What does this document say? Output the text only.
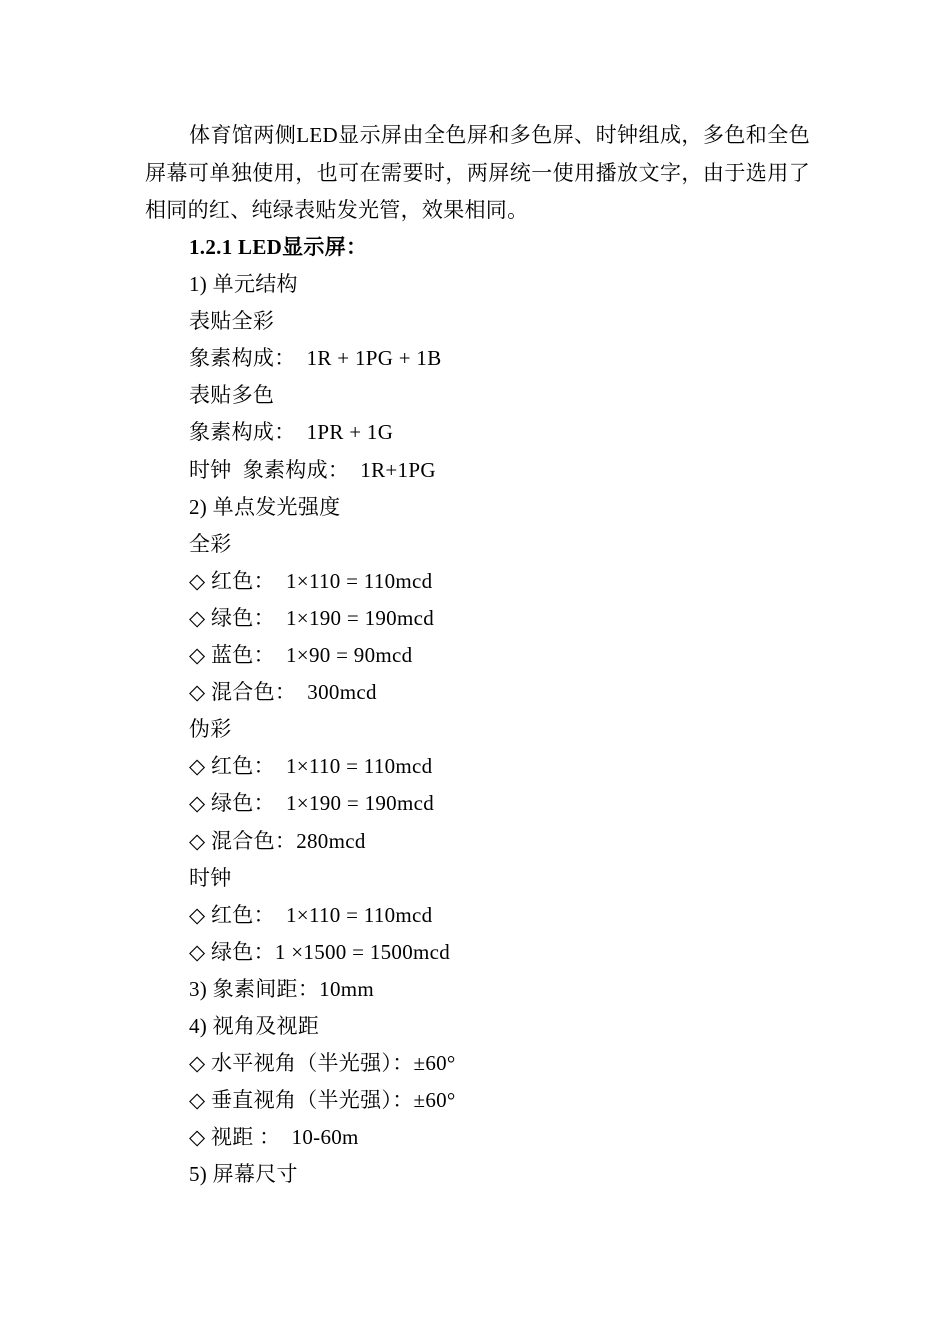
体育馆两侧LED显示屏由全色屏和多色屏、时钟组成，多色和全色屏幕可单独使用，也可在需要时，两屏统一使用播放文字，由于选用了相同的红、纯绿表贴发光管，效果相同。
1.2.1 LED显示屏：
1) 单元结构
表贴全彩
象素构成：  1R + 1PG + 1B
表贴多色
象素构成：  1PR + 1G
时钟  象素构成：  1R+1PG
2) 单点发光强度
全彩
◇ 红色：  1×110 = 110mcd
◇ 绿色：  1×190 = 190mcd
◇ 蓝色：  1×90 = 90mcd
◇ 混合色：  300mcd
伪彩
◇ 红色：  1×110 = 110mcd
◇ 绿色：  1×190 = 190mcd
◇ 混合色：280mcd
时钟
◇ 红色：  1×110 = 110mcd
◇ 绿色：1 ×1500 = 1500mcd
3) 象素间距：10mm
4) 视角及视距
◇ 水平视角（半光强）：±60°
◇ 垂直视角（半光强）：±60°
◇ 视距 ：  10-60m
5) 屏幕尺寸
